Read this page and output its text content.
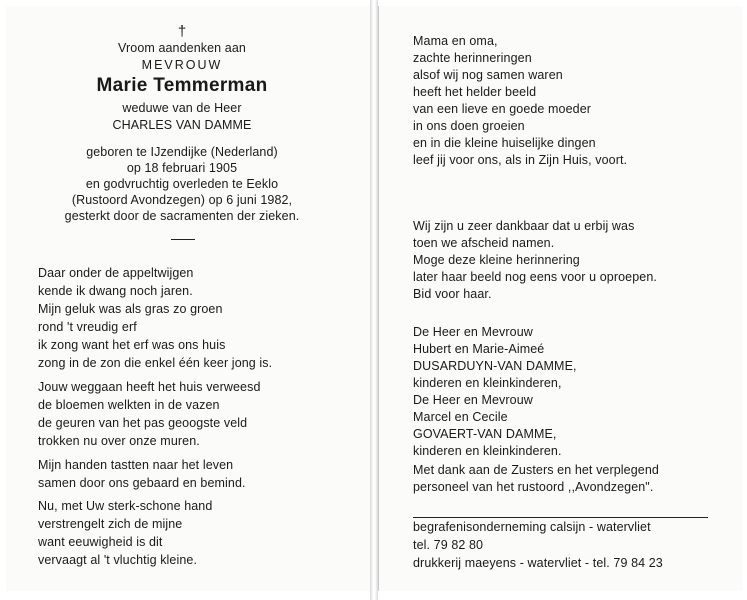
†
Vroom aandenken aan
MEVROUW
Marie Temmerman
weduwe van de Heer
CHARLES VAN DAMME
geboren te IJzendijke (Nederland)
op 18 februari 1905
en godvruchtig overleden te Eeklo
(Rustoord Avondzegen) op 6 juni 1982,
gesterkt door de sacramenten der zieken.
Daar onder de appeltwijgen
kende ik dwang noch jaren.
Mijn geluk was als gras zo groen
rond 't vreudig erf
ik zong want het erf was ons huis
zong in de zon die enkel één keer jong is.
Jouw weggaan heeft het huis verweesd
de bloemen welkten in de vazen
de geuren van het pas geoogste veld
trokken nu over onze muren.
Mijn handen tastten naar het leven
samen door ons gebaard en bemind.
Nu, met Uw sterk-schone hand
verstrengelt zich de mijne
want eeuwigheid is dit
vervaagt al 't vluchtig kleine.
Mama en oma,
zachte herinneringen
alsof wij nog samen waren
heeft het helder beeld
van een lieve en goede moeder
in ons doen groeien
en in die kleine huiselijke dingen
leef jij voor ons, als in Zijn Huis, voort.
Wij zijn u zeer dankbaar dat u erbij was
toen we afscheid namen.
Moge deze kleine herinnering
later haar beeld nog eens voor u oproepen.
Bid voor haar.
De Heer en Mevrouw
Hubert en Marie-Aimeé
DUSARDUYN-VAN DAMME,
kinderen en kleinkinderen,
De Heer en Mevrouw
Marcel en Cecile
GOVAERT-VAN DAMME,
kinderen en kleinkinderen.
Met dank aan de Zusters en het verplegend
personeel van het rustoord ,,Avondzegen".
begrafenisonderneming calsijn - watervliet
tel. 79 82 80
drukkerij maeyens - watervliet - tel. 79 84 23
